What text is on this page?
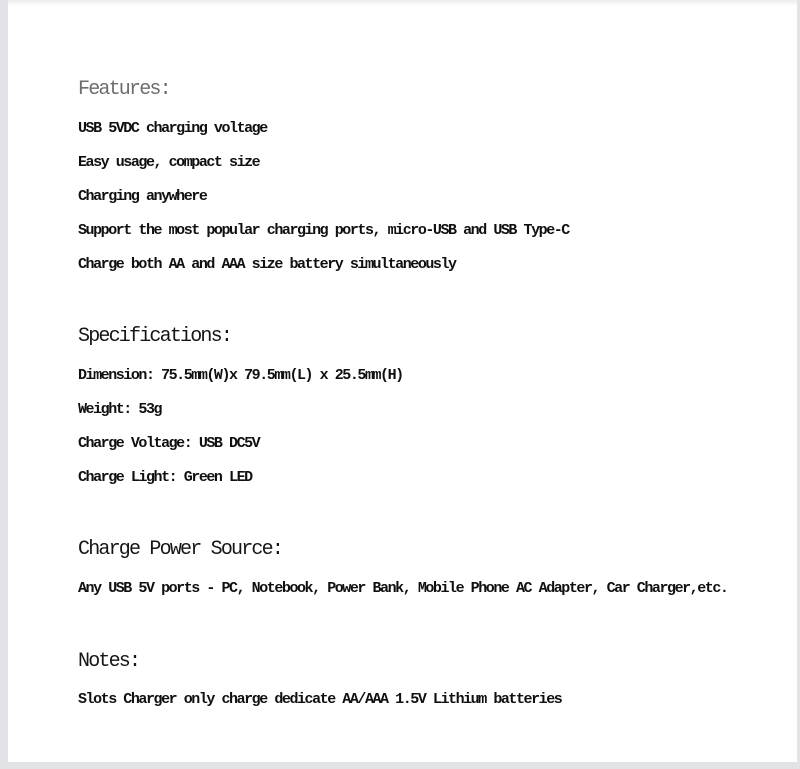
Features:
USB 5VDC charging voltage
Easy usage, compact size
Charging anywhere
Support the most popular charging ports, micro-USB and USB Type-C
Charge both AA and AAA size battery simultaneously
Specifications:
Dimension: 75.5mm(W)x 79.5mm(L) x 25.5mm(H)
Weight: 53g
Charge Voltage: USB DC5V
Charge Light: Green LED
Charge Power Source:
Any USB 5V ports - PC, Notebook, Power Bank, Mobile Phone AC Adapter, Car Charger,etc.
Notes:
Slots Charger only charge dedicate AA/AAA 1.5V Lithium batteries
